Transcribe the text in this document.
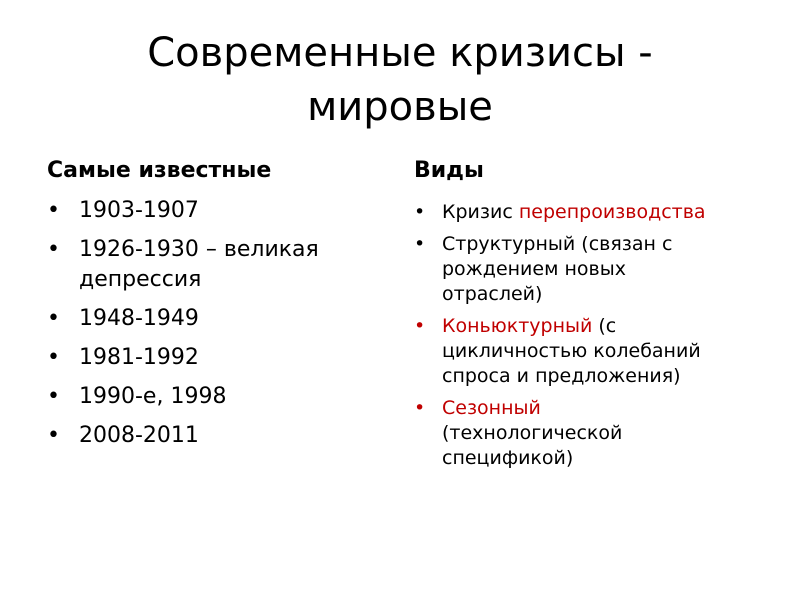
Современные кризисы -
мировые
Самые известные
• 1903-1907
• 1926-1930 – великая депрессия
• 1948-1949
• 1981-1992
• 1990-е, 1998
• 2008-2011
Виды
• Кризис перепроизводства
• Структурный (связан с рождением новых отраслей)
• Коньюктурный (с цикличностью колебаний спроса и предложения)
• Сезонный (технологической спецификой)
